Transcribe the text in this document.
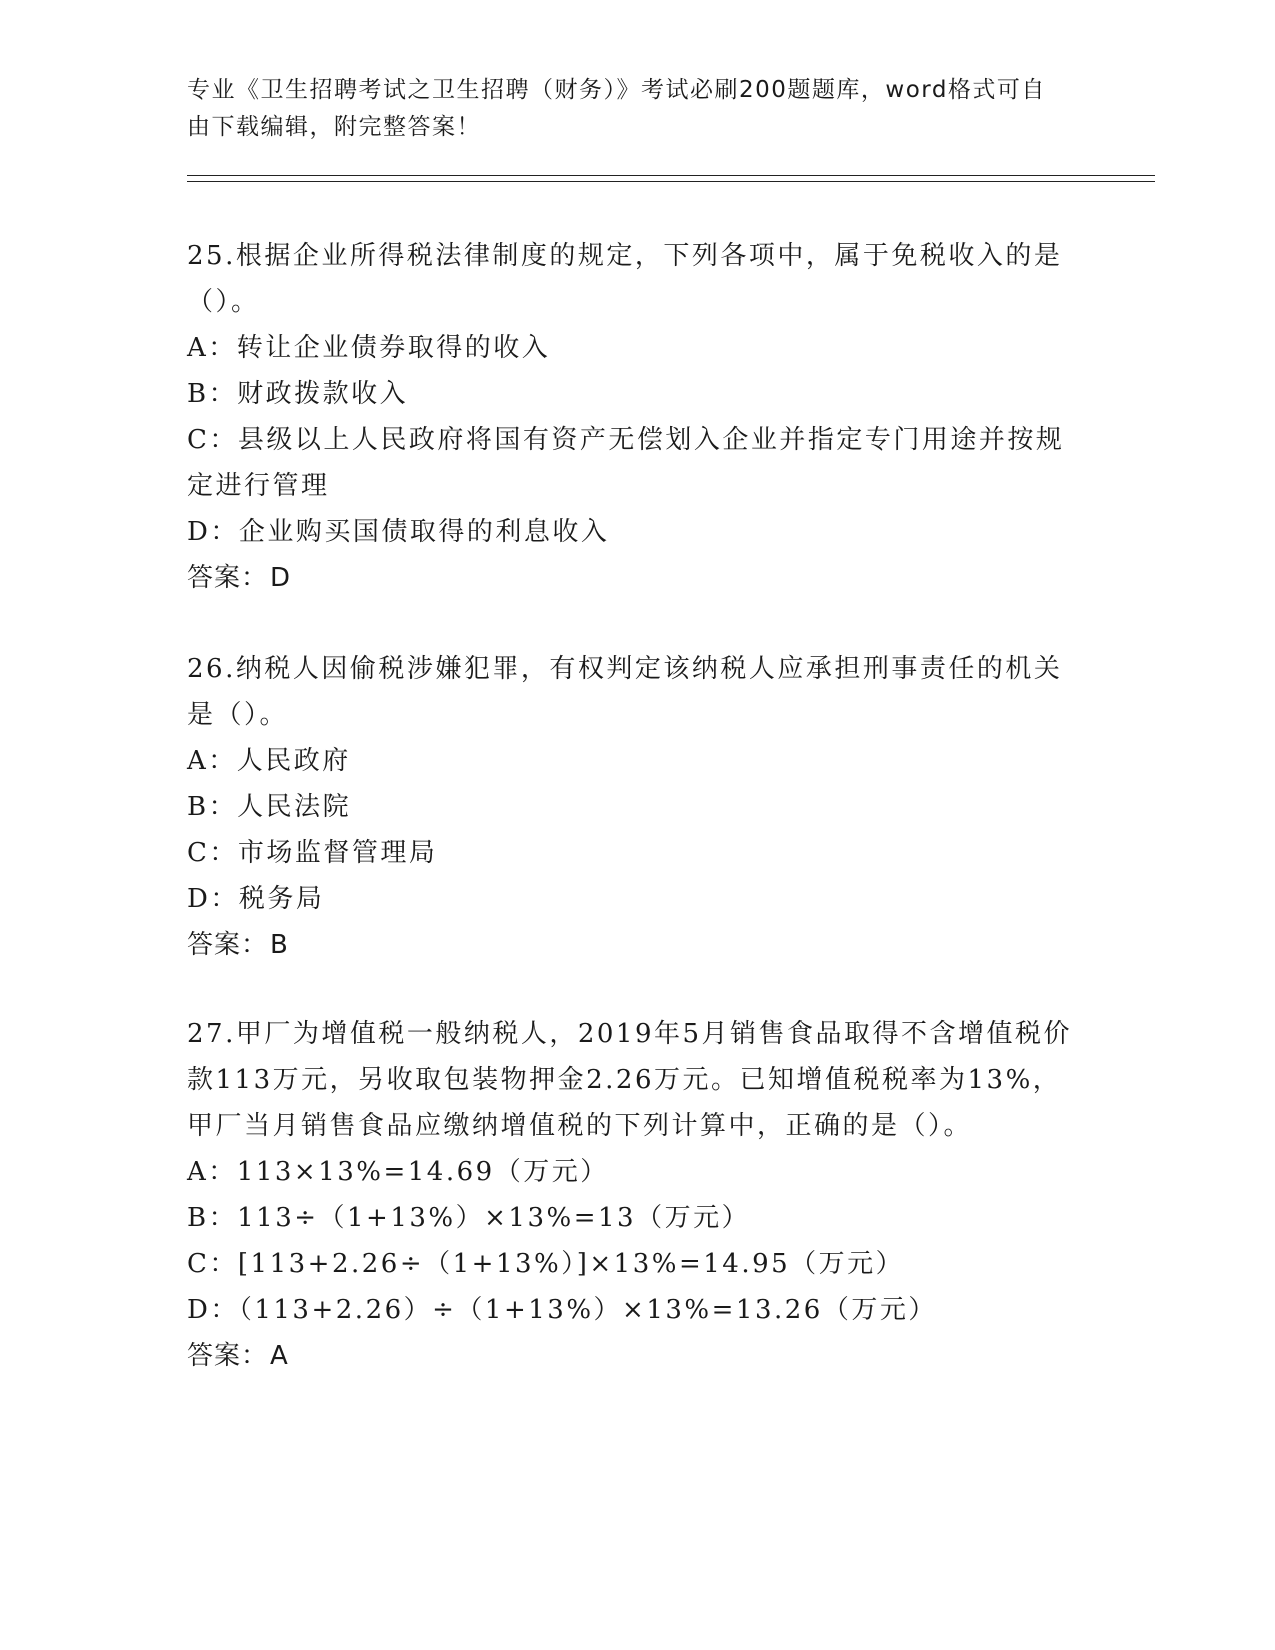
专业《卫生招聘考试之卫生招聘（财务）》考试必刷200题题库，word格式可自由下载编辑，附完整答案！
25.根据企业所得税法律制度的规定，下列各项中，属于免税收入的是（）。
A：转让企业债券取得的收入
B：财政拨款收入
C：县级以上人民政府将国有资产无偿划入企业并指定专门用途并按规定进行管理
D：企业购买国债取得的利息收入
答案：D
26.纳税人因偷税涉嫌犯罪，有权判定该纳税人应承担刑事责任的机关是（）。
A：人民政府
B：人民法院
C：市场监督管理局
D：税务局
答案：B
27.甲厂为增值税一般纳税人，2019年5月销售食品取得不含增值税价款113万元，另收取包装物押金2.26万元。已知增值税税率为13%，甲厂当月销售食品应缴纳增值税的下列计算中，正确的是（）。
A：113×13%=14.69（万元）
B：113÷（1+13%）×13%=13（万元）
C：[113+2.26÷（1+13%）]×13%=14.95（万元）
D：（113+2.26）÷（1+13%）×13%=13.26（万元）
答案：A
